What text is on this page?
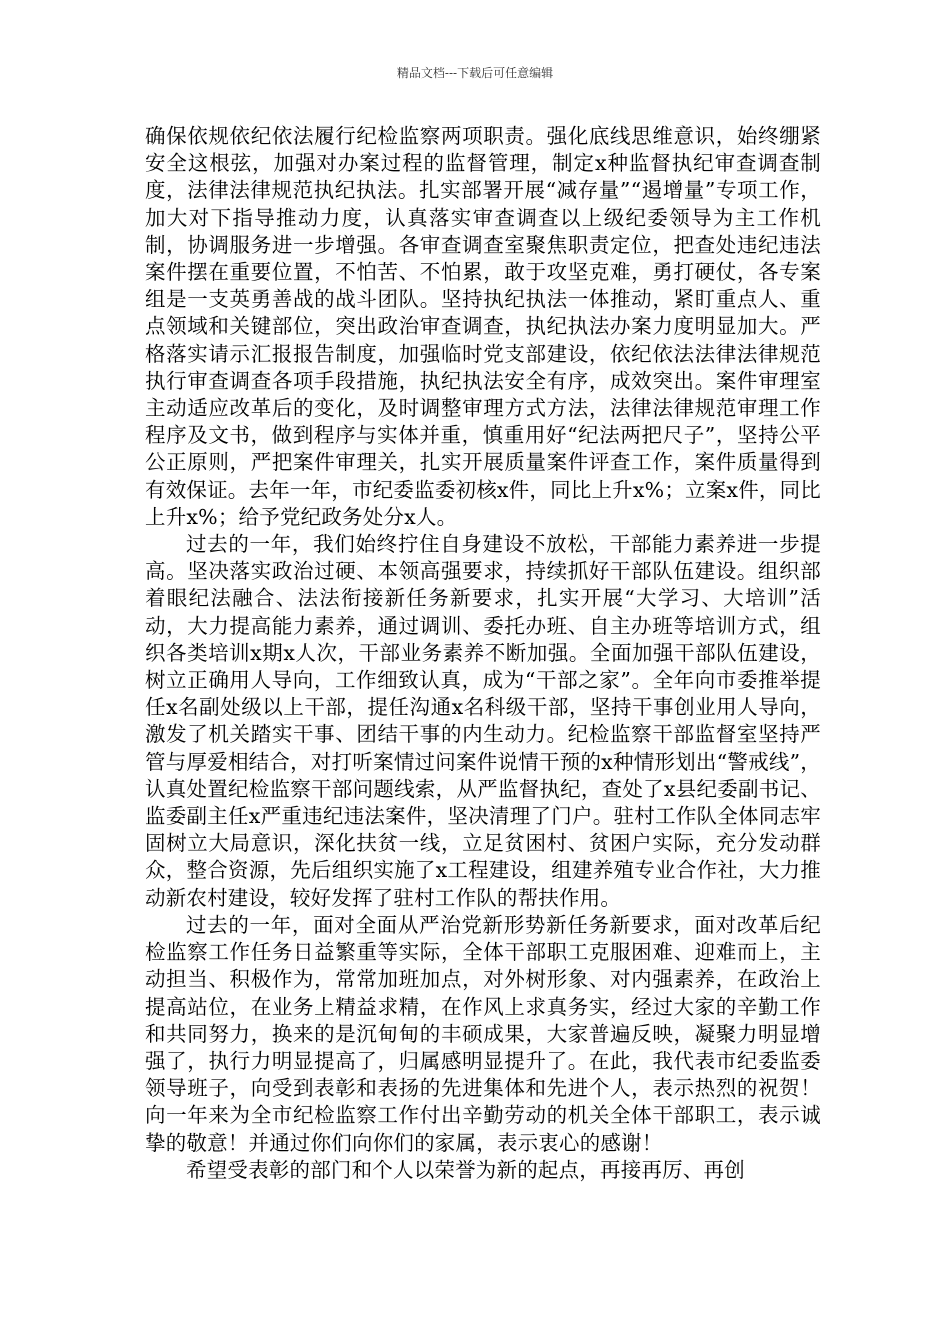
精品文档---下载后可任意编辑

确保依规依纪依法履行纪检监察两项职责。强化底线思维意识，始终绷紧安全这根弦，加强对办案过程的监督管理，制定x种监督执纪审查调查制度，法律法律规范执纪执法。扎实部署开展“减存量”“遏增量”专项工作，加大对下指导推动力度，认真落实审查调查以上级纪委领导为主工作机制，协调服务进一步增强。各审查调查室聚焦职责定位，把查处违纪违法案件摆在重要位置，不怕苦、不怕累，敢于攻坚克难，勇打硬仗，各专案组是一支英勇善战的战斗团队。坚持执纪执法一体推动，紧盯重点人、重点领域和关键部位，突出政治审查调查，执纪执法办案力度明显加大。严格落实请示汇报报告制度，加强临时党支部建设，依纪依法法律法律规范执行审查调查各项手段措施，执纪执法安全有序，成效突出。案件审理室主动适应改革后的变化，及时调整审理方式方法，法律法律规范审理工作程序及文书，做到程序与实体并重，慎重用好“纪法两把尺子”，坚持公平公正原则，严把案件审理关，扎实开展质量案件评查工作，案件质量得到有效保证。去年一年，市纪委监委初核x件，同比上升x%；立案x件，同比上升x%；给予党纪政务处分x人。

过去的一年，我们始终拧住自身建设不放松，干部能力素养进一步提高。坚决落实政治过硬、本领高强要求，持续抓好干部队伍建设。组织部着眼纪法融合、法法衔接新任务新要求，扎实开展“大学习、大培训”活动，大力提高能力素养，通过调训、委托办班、自主办班等培训方式，组织各类培训x期x人次，干部业务素养不断加强。全面加强干部队伍建设，树立正确用人导向，工作细致认真，成为“干部之家”。全年向市委推举提任x名副处级以上干部，提任沟通x名科级干部，坚持干事创业用人导向，激发了机关踏实干事、团结干事的内生动力。纪检监察干部监督室坚持严管与厚爱相结合，对打听案情过问案件说情干预的x种情形划出“警戒线”，认真处置纪检监察干部问题线索，从严监督执纪，查处了x县纪委副书记、监委副主任x严重违纪违法案件，坚决清理了门户。驻村工作队全体同志牢固树立大局意识，深化扶贫一线，立足贫困村、贫困户实际，充分发动群众，整合资源，先后组织实施了x工程建设，组建养殖专业合作社，大力推动新农村建设，较好发挥了驻村工作队的帮扶作用。

过去的一年，面对全面从严治党新形势新任务新要求，面对改革后纪检监察工作任务日益繁重等实际，全体干部职工克服困难、迎难而上，主动担当、积极作为，常常加班加点，对外树形象、对内强素养，在政治上提高站位，在业务上精益求精，在作风上求真务实，经过大家的辛勤工作和共同努力，换来的是沉甸甸的丰硕成果，大家普遍反映，凝聚力明显增强了，执行力明显提高了，归属感明显提升了。在此，我代表市纪委监委领导班子，向受到表彰和表扬的先进集体和先进个人，表示热烈的祝贺！向一年来为全市纪检监察工作付出辛勤劳动的机关全体干部职工，表示诚挚的敬意！并通过你们向你们的家属，表示衷心的感谢！

希望受表彰的部门和个人以荣誉为新的起点，再接再厉、再创
